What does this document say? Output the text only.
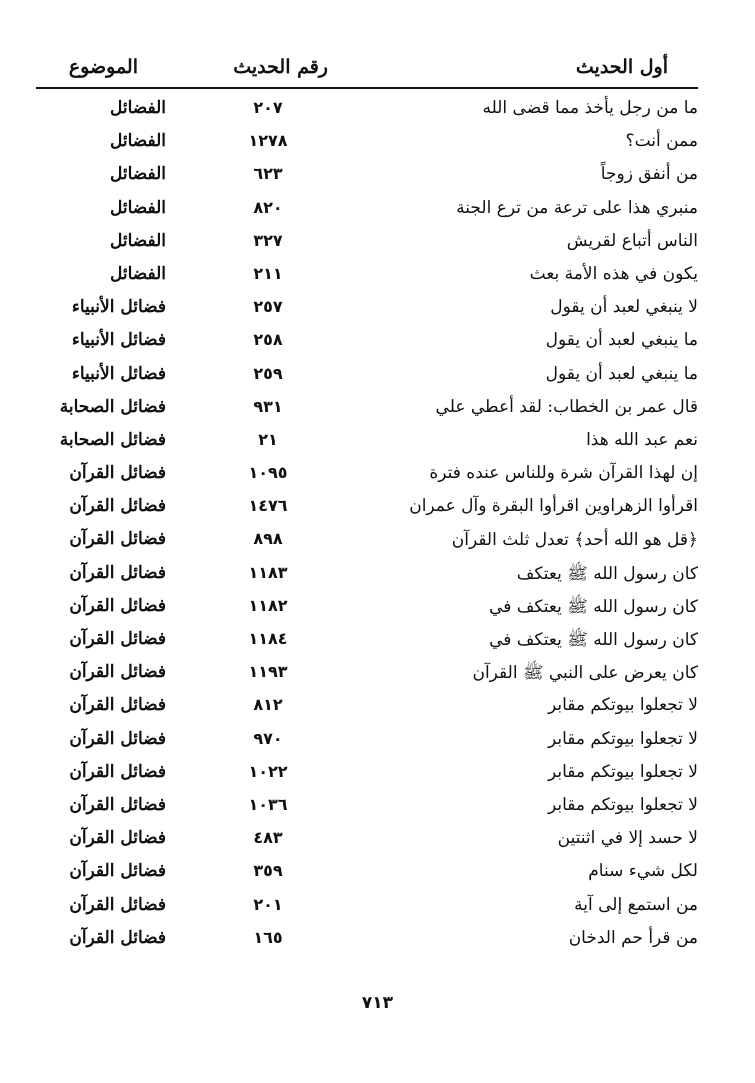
أول الحديث
رقم الحديث
الموضوع
ما من رجل يأخذ مما قضى الله
٢٠٧
الفضائل
ممن أنت؟
١٢٧٨
الفضائل
من أنفق زوجاً
٦٢٣
الفضائل
منبري هذا على ترعة من ترع الجنة
٨٢٠
الفضائل
الناس أتباع لقريش
٣٢٧
الفضائل
يكون في هذه الأمة بعث
٢١١
الفضائل
لا ينبغي لعبد أن يقول
٢٥٧
فضائل الأنبياء
ما ينبغي لعبد أن يقول
٢٥٨
فضائل الأنبياء
ما ينبغي لعبد أن يقول
٢٥٩
فضائل الأنبياء
قال عمر بن الخطاب: لقد أعطي علي
٩٣١
فضائل الصحابة
نعم عبد الله هذا
٢١
فضائل الصحابة
إن لهذا القرآن شرة وللناس عنده فترة
١٠٩٥
فضائل القرآن
اقرأوا الزهراوين اقرأوا البقرة وآل عمران
١٤٧٦
فضائل القرآن
﴿قل هو الله أحد﴾ تعدل ثلث القرآن
٨٩٨
فضائل القرآن
كان رسول الله ﷺ يعتكف
١١٨٣
فضائل القرآن
كان رسول الله ﷺ يعتكف في
١١٨٢
فضائل القرآن
كان رسول الله ﷺ يعتكف في
١١٨٤
فضائل القرآن
كان يعرض على النبي ﷺ القرآن
١١٩٣
فضائل القرآن
لا تجعلوا بيوتكم مقابر
٨١٢
فضائل القرآن
لا تجعلوا بيوتكم مقابر
٩٧٠
فضائل القرآن
لا تجعلوا بيوتكم مقابر
١٠٢٢
فضائل القرآن
لا تجعلوا بيوتكم مقابر
١٠٣٦
فضائل القرآن
لا حسد إلا في اثنتين
٤٨٣
فضائل القرآن
لكل شيء سنام
٣٥٩
فضائل القرآن
من استمع إلى آية
٢٠١
فضائل القرآن
من قرأ حم الدخان
١٦٥
فضائل القرآن
٧١٣
